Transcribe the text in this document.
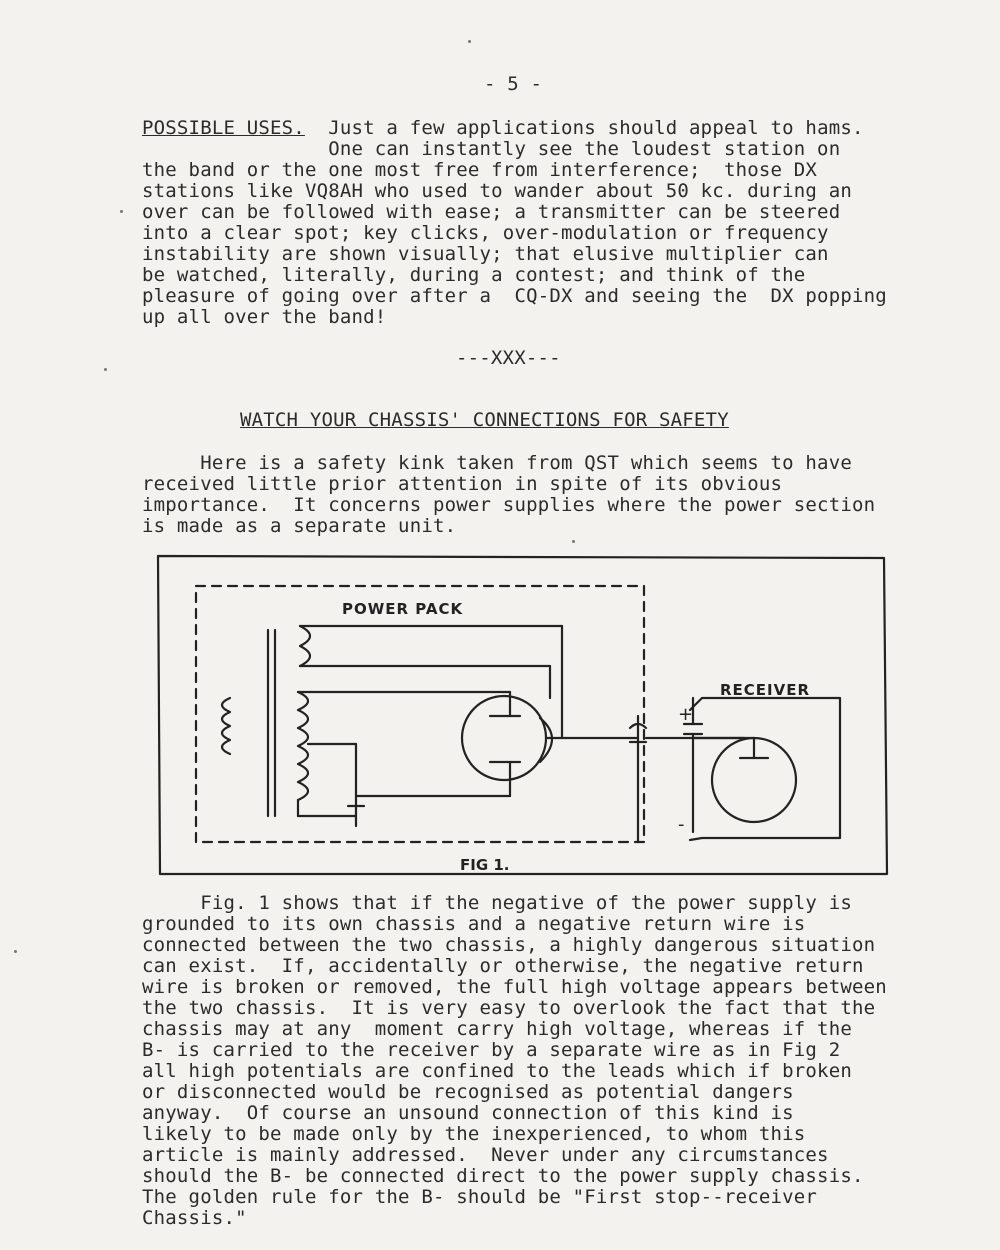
- 5 -
POSSIBLE USES.  Just a few applications should appeal to hams.
One can instantly see the loudest station on
the band or the one most free from interference;  those DX
stations like VQ8AH who used to wander about 50 kc. during an
over can be followed with ease; a transmitter can be steered
into a clear spot; key clicks, over-modulation or frequency
instability are shown visually; that elusive multiplier can
be watched, literally, during a contest; and think of the
pleasure of going over after a  CQ-DX and seeing the  DX popping
up all over the band!
---XXX---
WATCH YOUR CHASSIS' CONNECTIONS FOR SAFETY
Here is a safety kink taken from QST which seems to have
received little prior attention in spite of its obvious
importance.  It concerns power supplies where the power section
is made as a separate unit.
POWER PACK
RECEIVER
+
-
FIG 1.
Fig. 1 shows that if the negative of the power supply is
grounded to its own chassis and a negative return wire is
connected between the two chassis, a highly dangerous situation
can exist.  If, accidentally or otherwise, the negative return
wire is broken or removed, the full high voltage appears between
the two chassis.  It is very easy to overlook the fact that the
chassis may at any  moment carry high voltage, whereas if the
B- is carried to the receiver by a separate wire as in Fig 2
all high potentials are confined to the leads which if broken
or disconnected would be recognised as potential dangers
anyway.  Of course an unsound connection of this kind is
likely to be made only by the inexperienced, to whom this
article is mainly addressed.  Never under any circumstances
should the B- be connected direct to the power supply chassis.
The golden rule for the B- should be "First stop--receiver
Chassis."
